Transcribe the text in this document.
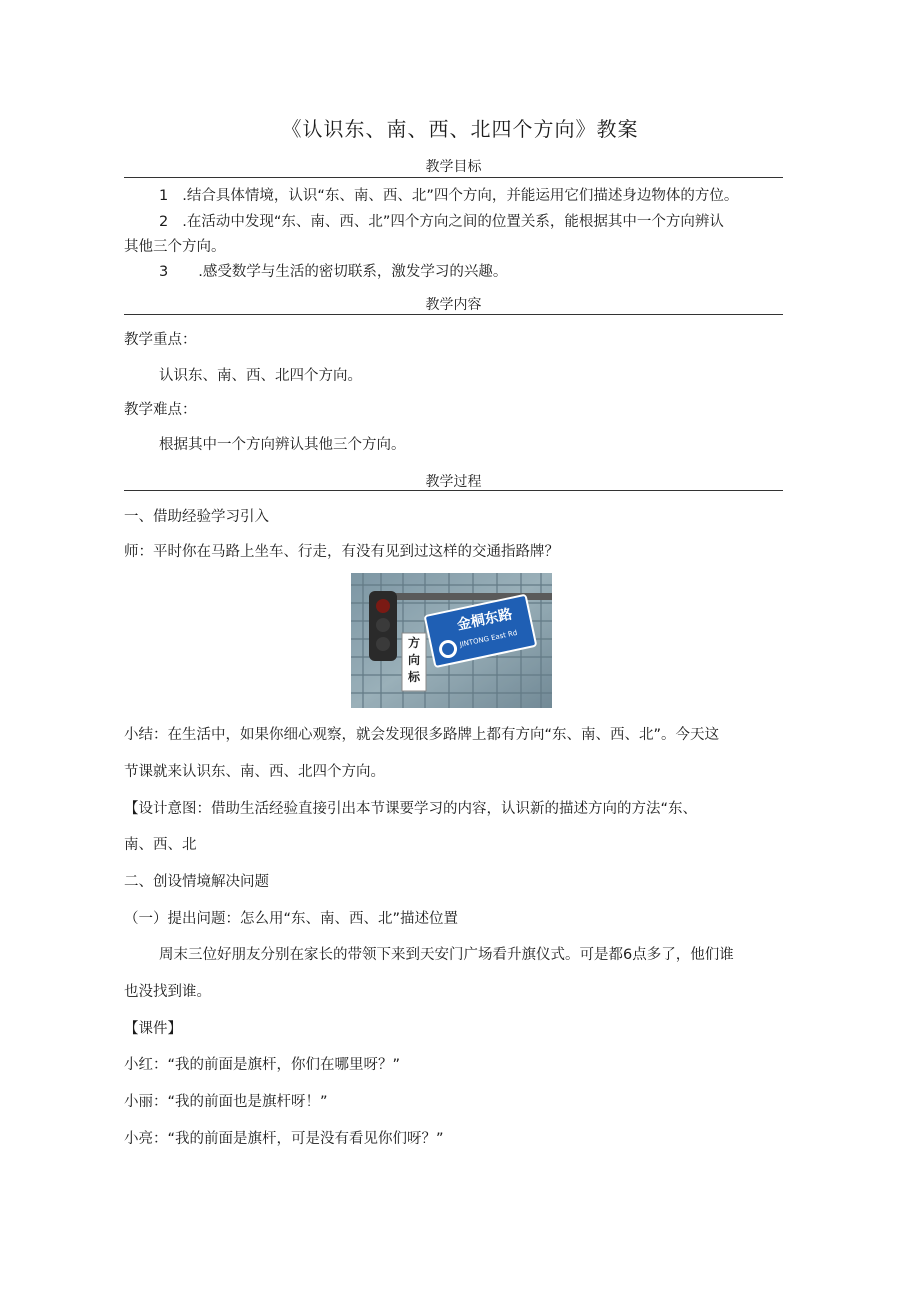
《认识东、南、西、北四个方向》教案
教学目标
1 .结合具体情境，认识“东、南、西、北”四个方向，并能运用它们描述身边物体的方位。
2 .在活动中发现“东、南、西、北”四个方向之间的位置关系，能根据其中一个方向辨认
其他三个方向。
3 .感受数学与生活的密切联系，激发学习的兴趣。
教学内容
教学重点：
认识东、南、西、北四个方向。
教学难点：
根据其中一个方向辨认其他三个方向。
教学过程
一、借助经验学习引入
师：平时你在马路上坐车、行走，有没有见到过这样的交通指路牌？
方
向
标
金桐东路
JINTONG East Rd
小结：在生活中，如果你细心观察，就会发现很多路牌上都有方向“东、南、西、北”。今天这
节课就来认识东、南、西、北四个方向。
【设计意图：借助生活经验直接引出本节课要学习的内容，认识新的描述方向的方法“东、
南、西、北
二、创设情境解决问题
（一）提出问题：怎么用“东、南、西、北”描述位置
周末三位好朋友分别在家长的带领下来到天安门广场看升旗仪式。可是都6点多了，他们谁
也没找到谁。
【课件】
小红：“我的前面是旗杆，你们在哪里呀？”
小丽：“我的前面也是旗杆呀！”
小亮：“我的前面是旗杆，可是没有看见你们呀？”
